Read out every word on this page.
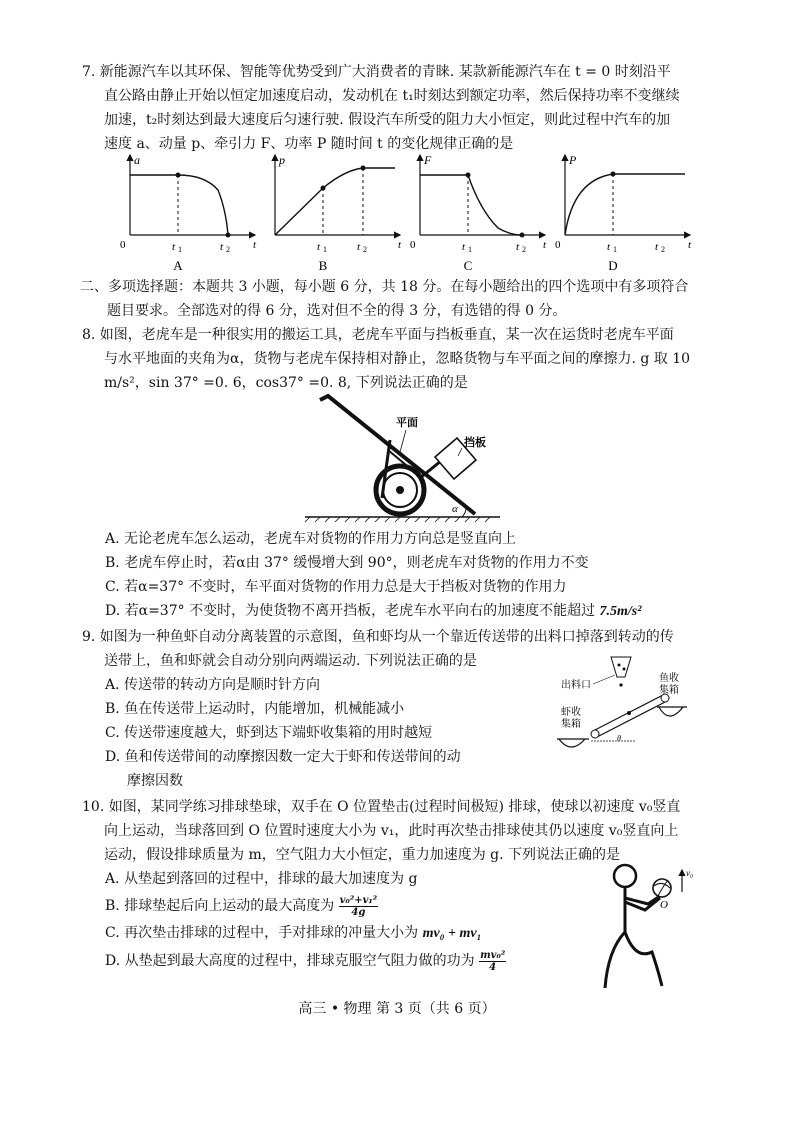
7. 新能源汽车以其环保、智能等优势受到广大消费者的青睐. 某款新能源汽车在 t = 0 时刻沿平
直公路由静止开始以恒定加速度启动，发动机在 t₁时刻达到额定功率，然后保持功率不变继续
加速，t₂时刻达到最大速度后匀速行驶. 假设汽车所受的阻力大小恒定，则此过程中汽车的加
速度 a、动量 p、牵引力 F、功率 P 随时间 t 的变化规律正确的是
a
0	t 1	t 2 t
A
p
t 1	t 2	t
B
F
0	t 1	t 2 t
C
P
0	t 1	t 2 t
D
二、多项选择题：本题共 3 小题，每小题 6 分，共 18 分。在每小题给出的四个选项中有多项符合
题目要求。全部选对的得 6 分，选对但不全的得 3 分，有选错的得 0 分。
8. 如图，老虎车是一种很实用的搬运工具，老虎车平面与挡板垂直，某一次在运货时老虎车平面
与水平地面的夹角为α，货物与老虎车保持相对静止，忽略货物与车平面之间的摩擦力. g 取 10
m/s²，sin 37° =0. 6，cos37° =0. 8, 下列说法正确的是
α
平面
挡板
A. 无论老虎车怎么运动，老虎车对货物的作用力方向总是竖直向上
B. 老虎车停止时，若α由 37° 缓慢增大到 90°，则老虎车对货物的作用力不变
C. 若α=37° 不变时，车平面对货物的作用力总是大于挡板对货物的作用力
D. 若α=37° 不变时，为使货物不离开挡板，老虎车水平向右的加速度不能超过 7.5m/s²
9. 如图为一种鱼虾自动分离装置的示意图，鱼和虾均从一个靠近传送带的出料口掉落到转动的传
送带上，鱼和虾就会自动分别向两端运动. 下列说法正确的是
A. 传送带的转动方向是顺时针方向
B. 鱼在传送带上运动时，内能增加，机械能减小
C. 传送带速度越大，虾到达下端虾收集箱的用时越短
D. 鱼和传送带间的动摩擦因数一定大于虾和传送带间的动
摩擦因数
出料口
θ
鱼收
集箱
虾收
集箱
10. 如图，某同学练习排球垫球，双手在 O 位置垫击(过程时间极短) 排球，使球以初速度 v₀竖直
向上运动，当球落回到 O 位置时速度大小为 v₁，此时再次垫击排球使其仍以速度 v₀竖直向上
运动，假设排球质量为 m，空气阻力大小恒定，重力加速度为 g. 下列说法正确的是
A. 从垫起到落回的过程中，排球的最大加速度为 g
B. 排球垫起后向上运动的最大高度为 $\frac{\text{v₀²+v₁²}}{4g}$
C. 再次垫击排球的过程中，手对排球的冲量大小为 mv₀ + mv₁
D. 从垫起到最大高度的过程中，排球克服空气阻力做的功为 $\frac{\text{mv₀²}}{4}$
O
v₀
高三 • 物理 第 3 页（共 6 页）
